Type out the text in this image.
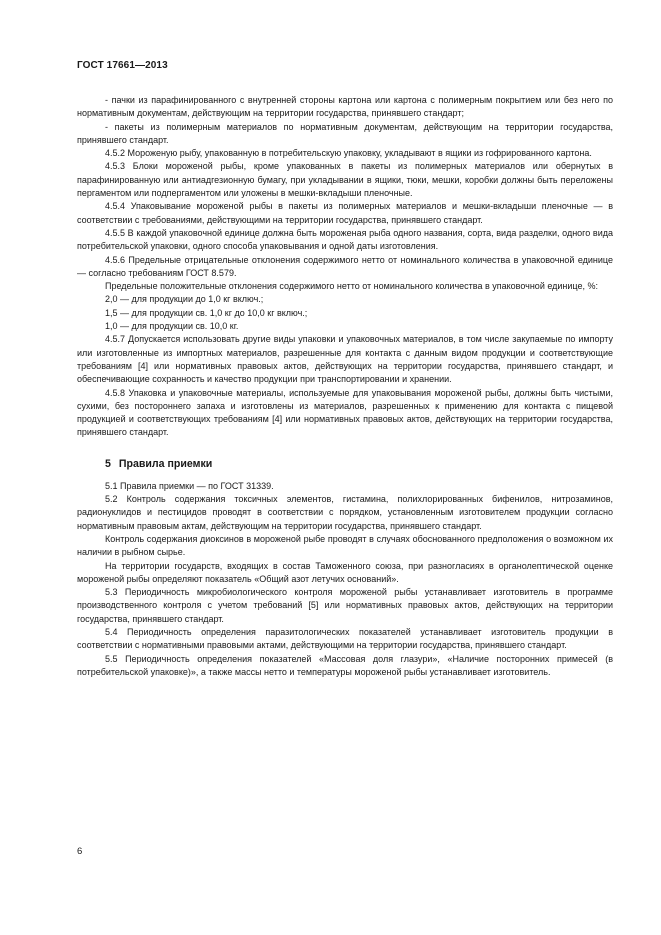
ГОСТ 17661—2013

- пачки из парафинированного с внутренней стороны картона или картона с полимерным покрытием или без него по нормативным документам, действующим на территории государства, принявшего стандарт;

- пакеты из полимерным материалов по нормативным документам, действующим на территории государства, принявшего стандарт.

4.5.2 Мороженую рыбу, упакованную в потребительскую упаковку, укладывают в ящики из гофрированного картона.

4.5.3 Блоки мороженой рыбы, кроме упакованных в пакеты из полимерных материалов или обернутых в парафинированную или антиадгезионную бумагу, при укладывании в ящики, тюки, мешки, коробки должны быть переложены пергаментом или подпергаментом или уложены в мешки-вкладыши пленочные.

4.5.4 Упаковывание мороженой рыбы в пакеты из полимерных материалов и мешки-вкладыши пленочные — в соответствии с требованиями, действующими на территории государства, принявшего стандарт.

4.5.5 В каждой упаковочной единице должна быть мороженая рыба одного названия, сорта, вида разделки, одного вида потребительской упаковки, одного способа упаковывания и одной даты изготовления.

4.5.6 Предельные отрицательные отклонения содержимого нетто от номинального количества в упаковочной единице — согласно требованиям ГОСТ 8.579.

Предельные положительные отклонения содержимого нетто от номинального количества в упаковочной единице, %:

2,0 — для продукции до 1,0 кг включ.;

1,5 — для продукции св. 1,0 кг до 10,0 кг включ.;

1,0 — для продукции св. 10,0 кг.

4.5.7 Допускается использовать другие виды упаковки и упаковочных материалов, в том числе закупаемые по импорту или изготовленные из импортных материалов, разрешенные для контакта с данным видом продукции и соответствующие требованиям [4] или нормативных правовых актов, действующих на территории государства, принявшего стандарт, и обеспечивающие сохранность и качество продукции при транспортировании и хранении.

4.5.8 Упаковка и упаковочные материалы, используемые для упаковывания мороженой рыбы, должны быть чистыми, сухими, без постороннего запаха и изготовлены из материалов, разрешенных к применению для контакта с пищевой продукцией и соответствующих требованиям [4] или нормативных правовых актов, действующих на территории государства, принявшего стандарт.

5 Правила приемки

5.1 Правила приемки — по ГОСТ 31339.

5.2 Контроль содержания токсичных элементов, гистамина, полихлорированных бифенилов, нитрозаминов, радионуклидов и пестицидов проводят в соответствии с порядком, установленным изготовителем продукции согласно нормативным правовым актам, действующим на территории государства, принявшего стандарт.

Контроль содержания диоксинов в мороженой рыбе проводят в случаях обоснованного предположения о возможном их наличии в рыбном сырье.

На территории государств, входящих в состав Таможенного союза, при разногласиях в органолептической оценке мороженой рыбы определяют показатель «Общий азот летучих оснований».

5.3 Периодичность микробиологического контроля мороженой рыбы устанавливает изготовитель в программе производственного контроля с учетом требований [5] или нормативных правовых актов, действующих на территории государства, принявшего стандарт.

5.4 Периодичность определения паразитологических показателей устанавливает изготовитель продукции в соответствии с нормативными правовыми актами, действующими на территории государства, принявшего стандарт.

5.5 Периодичность определения показателей «Массовая доля глазури», «Наличие посторонних примесей (в потребительской упаковке)», а также массы нетто и температуры мороженой рыбы устанавливает изготовитель.

6
